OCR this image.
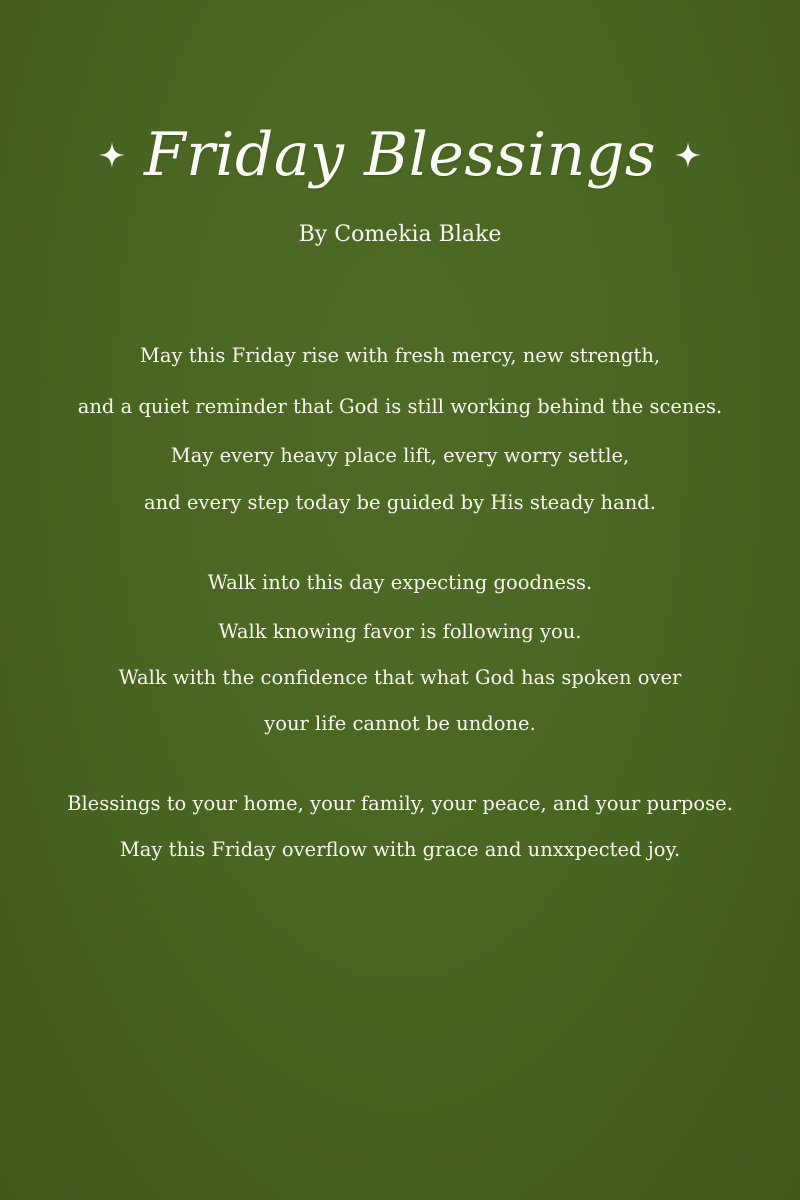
Friday Blessings
By Comekia Blake
May this Friday rise with fresh mercy, new strength,
and a quiet reminder that God is still working behind the scenes.
May every heavy place lift, every worry settle,
and every step today be guided by His steady hand.
Walk into this day expecting goodness.
Walk knowing favor is following you.
Walk with the confidence that what God has spoken over
your life cannot be undone.
Blessings to your home, your family, your peace, and your purpose.
May this Friday overflow with grace and unxxpected joy.
